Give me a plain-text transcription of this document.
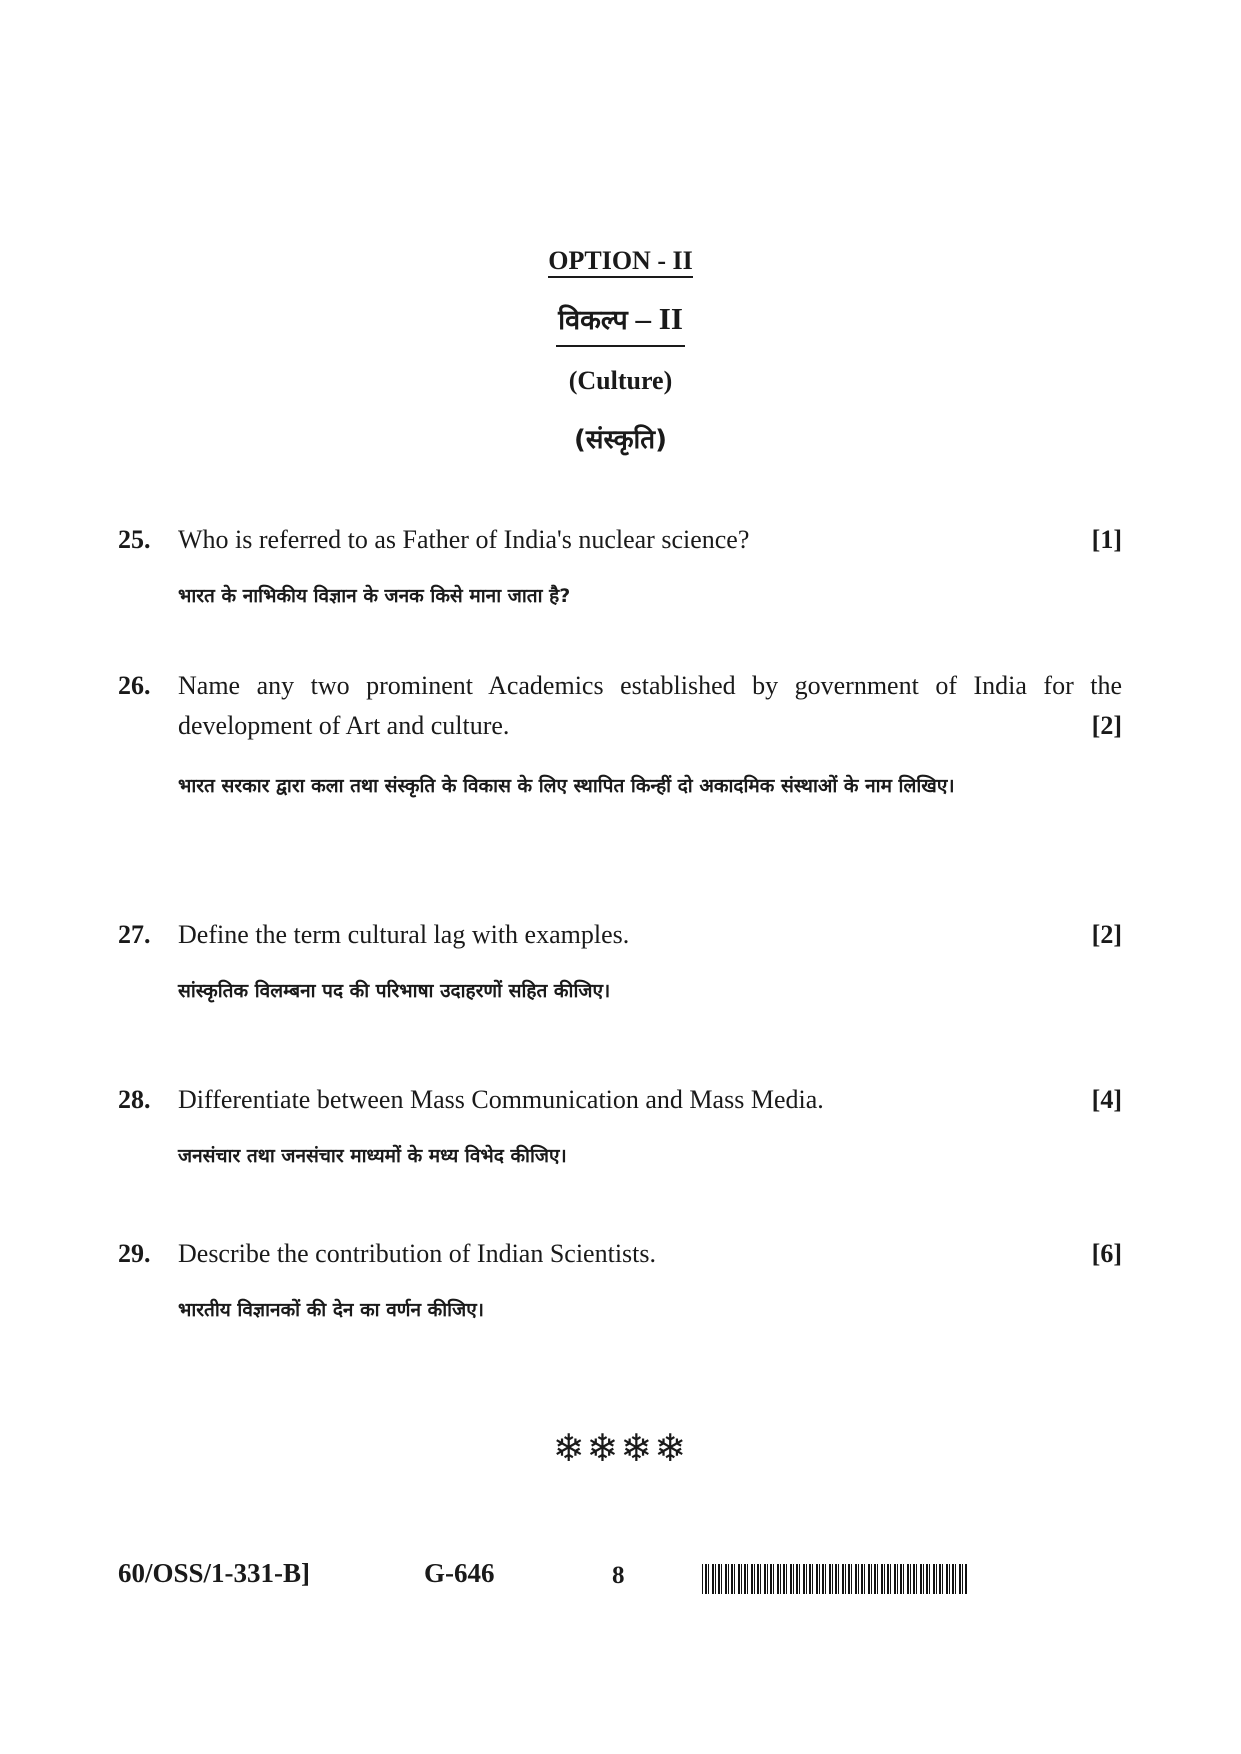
OPTION - II
विकल्प – II
(Culture)
(संस्कृति)
25. Who is referred to as Father of India's nuclear science?	[1]
भारत के नाभिकीय विज्ञान के जनक किसे माना जाता है?
26. Name any two prominent Academics established by government of India for the development of Art and culture.	[2]
भारत सरकार द्वारा कला तथा संस्कृति के विकास के लिए स्थापित किन्हीं दो अकादमिक संस्थाओं के नाम लिखिए।
27. Define the term cultural lag with examples.	[2]
सांस्कृतिक विलम्बना पद की परिभाषा उदाहरणों सहित कीजिए।
28. Differentiate between Mass Communication and Mass Media.	[4]
जनसंचार तथा जनसंचार माध्यमों के मध्य विभेद कीजिए।
29. Describe the contribution of Indian Scientists.	[6]
भारतीय विज्ञानकों की देन का वर्णन कीजिए।
❄❄❄❄
60/OSS/1-331-B]	G-646	8
